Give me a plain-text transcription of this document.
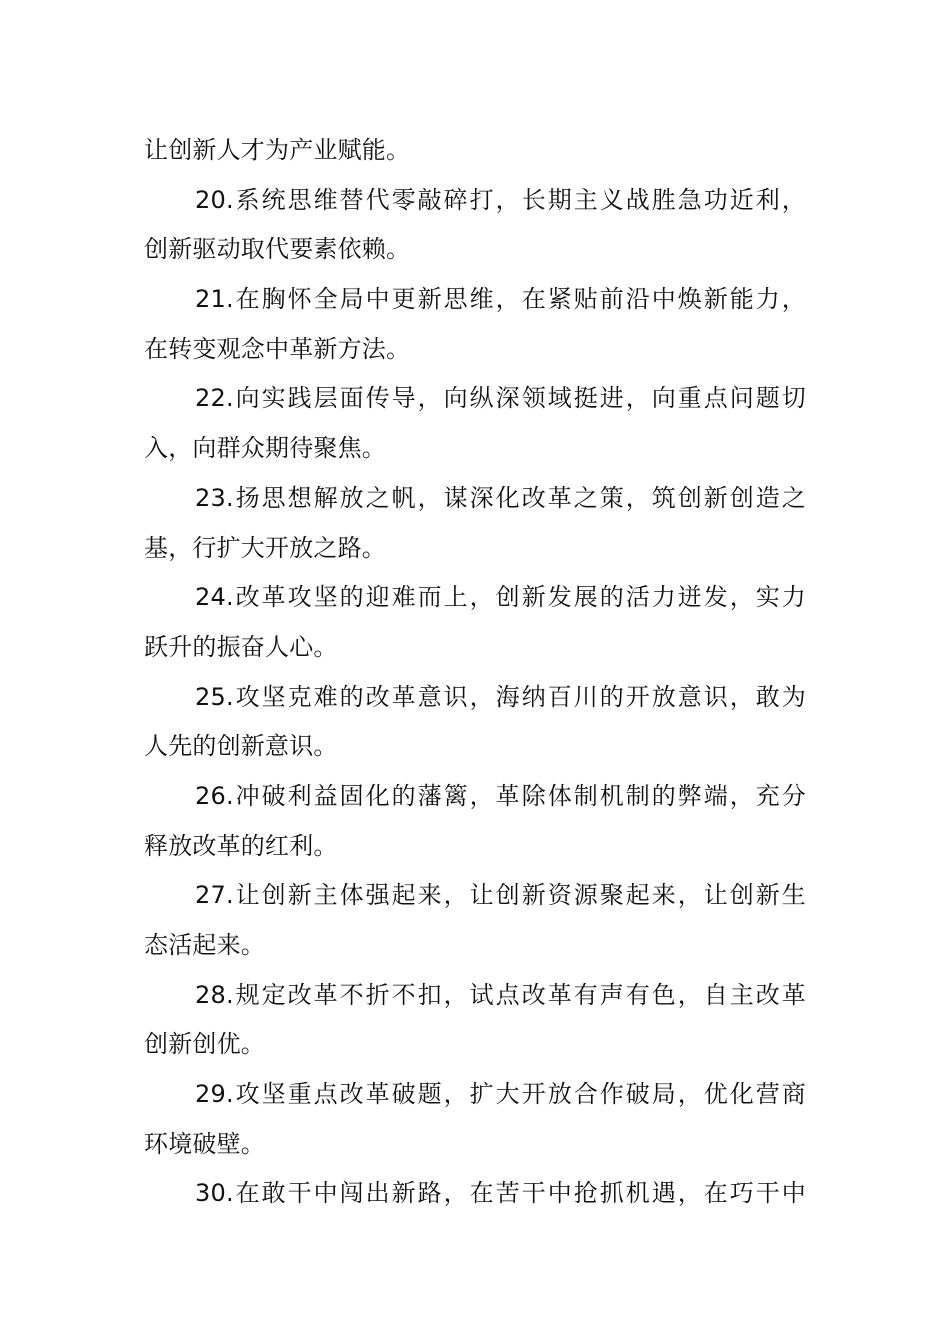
让创新人才为产业赋能。
20.系统思维替代零敲碎打，长期主义战胜急功近利，
创新驱动取代要素依赖。
21.在胸怀全局中更新思维，在紧贴前沿中焕新能力，
在转变观念中革新方法。
22.向实践层面传导，向纵深领域挺进，向重点问题切
入，向群众期待聚焦。
23.扬思想解放之帆，谋深化改革之策，筑创新创造之
基，行扩大开放之路。
24.改革攻坚的迎难而上，创新发展的活力迸发，实力
跃升的振奋人心。
25.攻坚克难的改革意识，海纳百川的开放意识，敢为
人先的创新意识。
26.冲破利益固化的藩篱，革除体制机制的弊端，充分
释放改革的红利。
27.让创新主体强起来，让创新资源聚起来，让创新生
态活起来。
28.规定改革不折不扣，试点改革有声有色，自主改革
创新创优。
29.攻坚重点改革破题，扩大开放合作破局，优化营商
环境破壁。
30.在敢干中闯出新路，在苦干中抢抓机遇，在巧干中
